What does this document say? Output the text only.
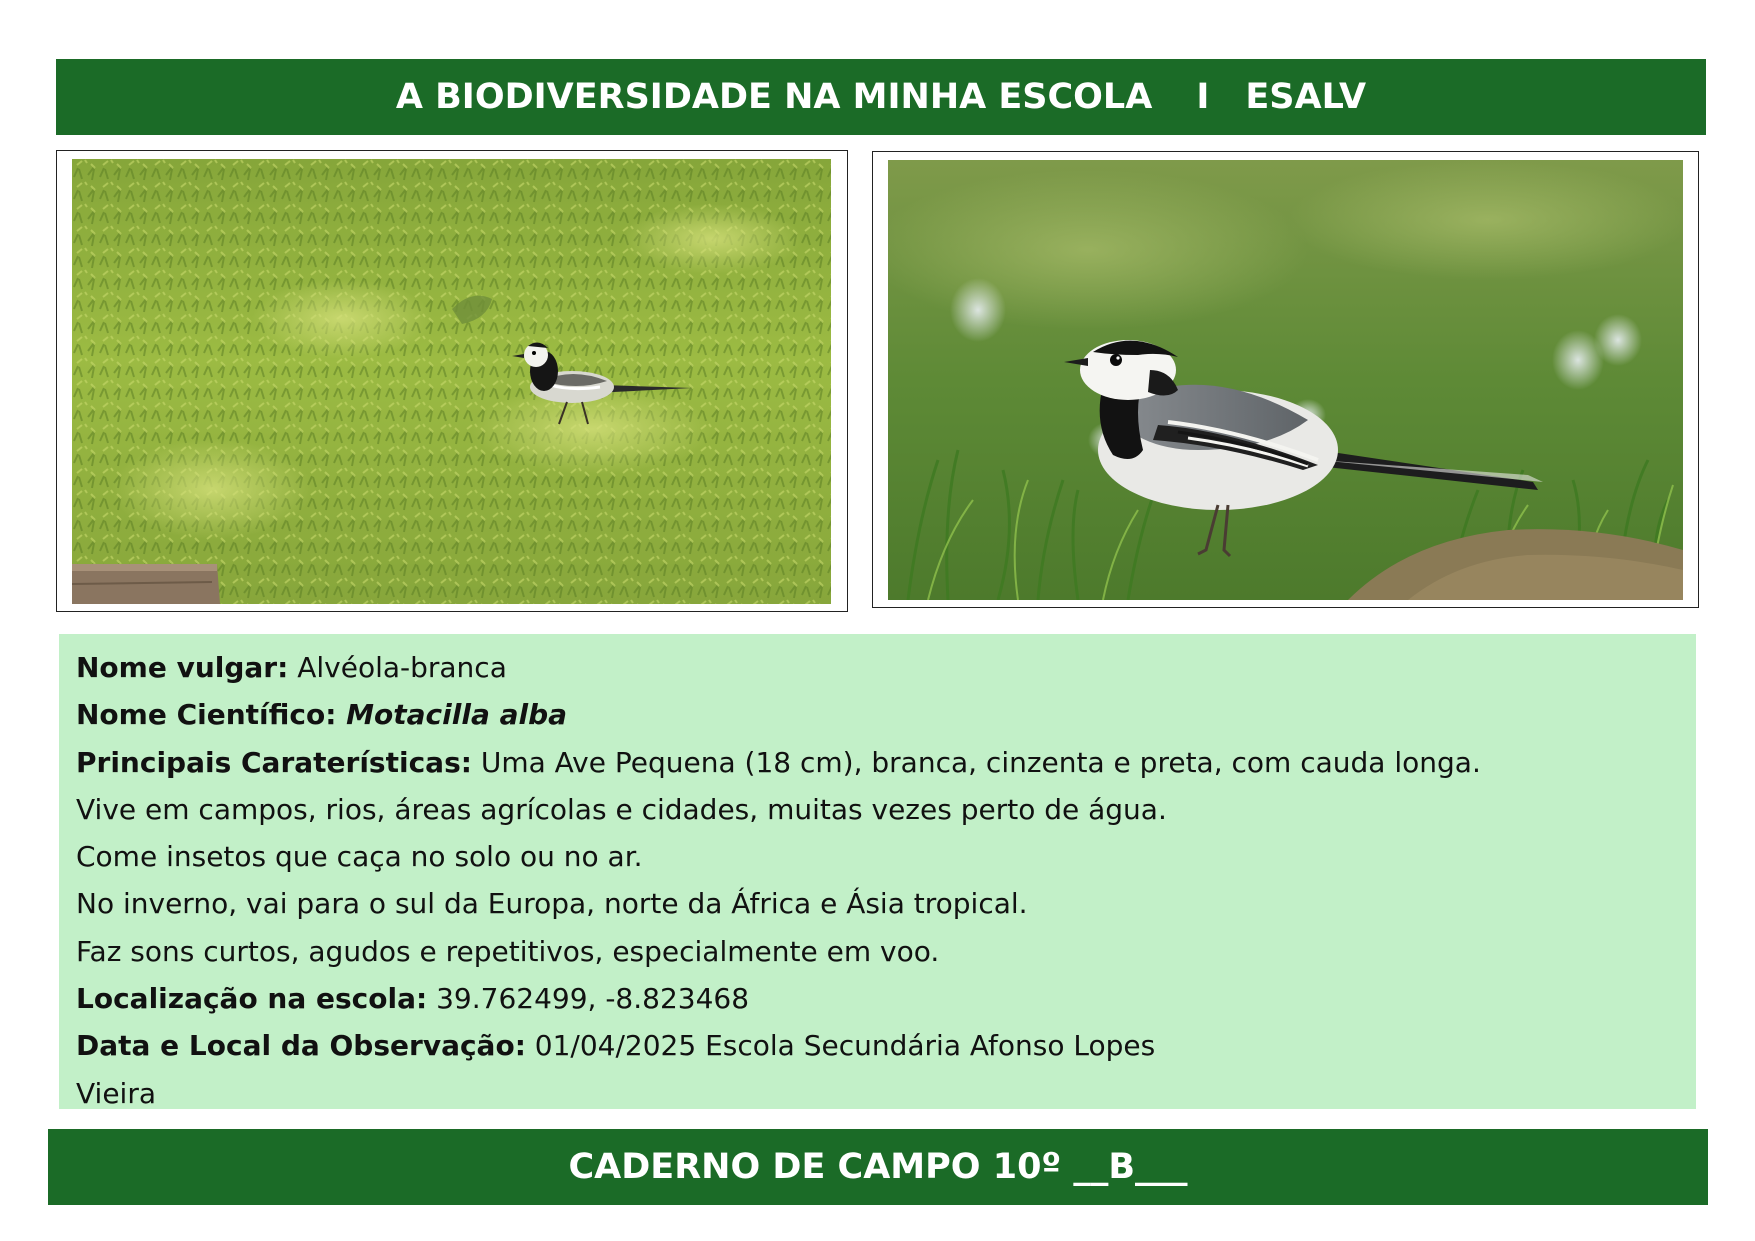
A BIODIVERSIDADE NA MINHA ESCOLA I ESALV
Nome vulgar: Alvéola-branca
Nome Científico: Motacilla alba
Principais Caraterísticas: Uma Ave Pequena (18 cm), branca, cinzenta e preta, com cauda longa.
Vive em campos, rios, áreas agrícolas e cidades, muitas vezes perto de água.
Come insetos que caça no solo ou no ar.
No inverno, vai para o sul da Europa, norte da África e Ásia tropical.
Faz sons curtos, agudos e repetitivos, especialmente em voo.
Localização na escola: 39.762499, -8.823468
Data e Local da Observação: 01/04/2025 Escola Secundária Afonso Lopes
Vieira
CADERNO DE CAMPO 10º __B___
